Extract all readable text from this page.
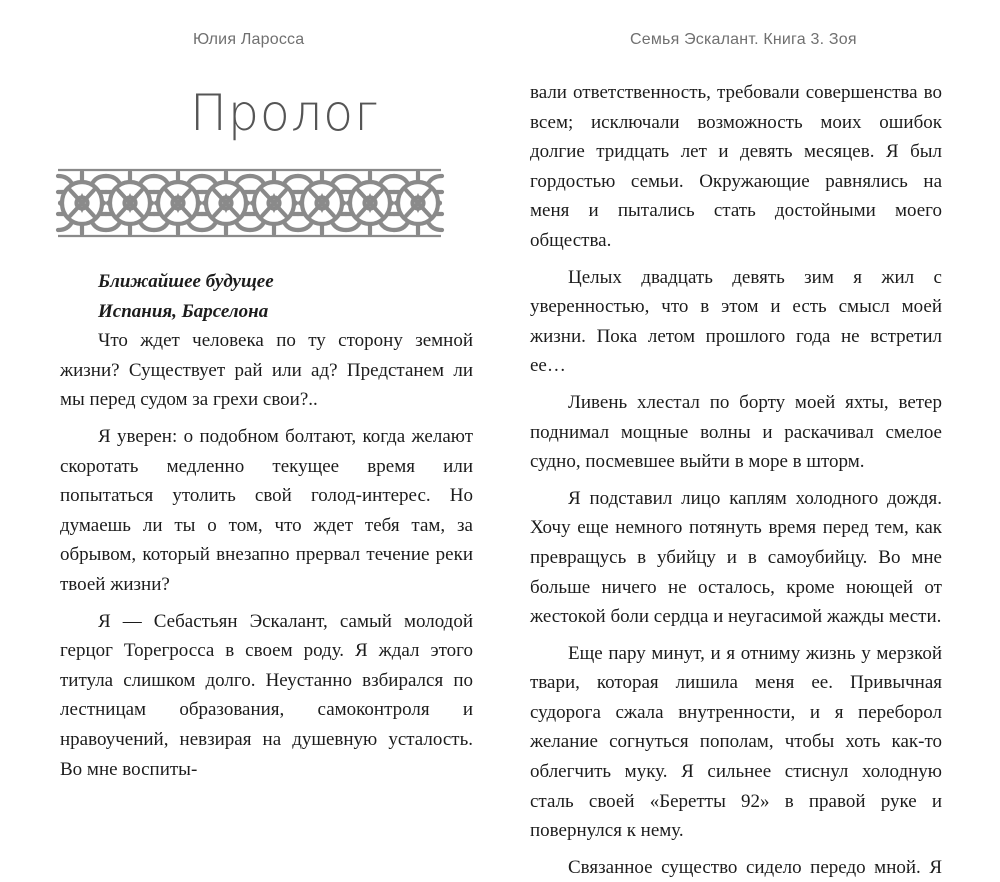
Юлия Ларосса
Пролог

Ближайшее будущее

Испания, Барселона

Что ждет человека по ту сторону земной жизни? Существует рай или ад? Предстанем ли мы перед судом за грехи свои?..

Я уверен: о подобном болтают, когда желают скоротать медленно текущее время или попытаться утолить свой голод-интерес. Но думаешь ли ты о том, что ждет тебя там, за обрывом, который внезапно прервал течение реки твоей жизни?

Я — Себастьян Эскалант, самый молодой герцог Торегросса в своем роду. Я ждал этого титула слишком долго. Неустанно взбирался по лестницам образования, самоконтроля и нравоучений, невзирая на душевную усталость. Во мне воспиты-

Семья Эскалант. Книга 3. Зоя

вали ответственность, требовали совершенства во всем; исключали возможность моих ошибок долгие тридцать лет и девять месяцев. Я был гордостью семьи. Окружающие равнялись на меня и пытались стать достойными моего общества.

Целых двадцать девять зим я жил с уверенностью, что в этом и есть смысл моей жизни. Пока летом прошлого года не встретил ее…

Ливень хлестал по борту моей яхты, ветер поднимал мощные волны и раскачивал смелое судно, посмевшее выйти в море в шторм.

Я подставил лицо каплям холодного дождя. Хочу еще немного потянуть время перед тем, как превращусь в убийцу и в самоубийцу. Во мне больше ничего не осталось, кроме ноющей от жестокой боли сердца и неугасимой жажды мести.

Еще пару минут, и я отниму жизнь у мерзкой твари, которая лишила меня ее. Привычная судорога сжала внутренности, и я переборол желание согнуться пополам, чтобы хоть как-то облегчить муку. Я сильнее стиснул холодную сталь своей «Беретты 92» в правой руке и повернулся к нему.

Связанное существо сидело передо мной. Я
